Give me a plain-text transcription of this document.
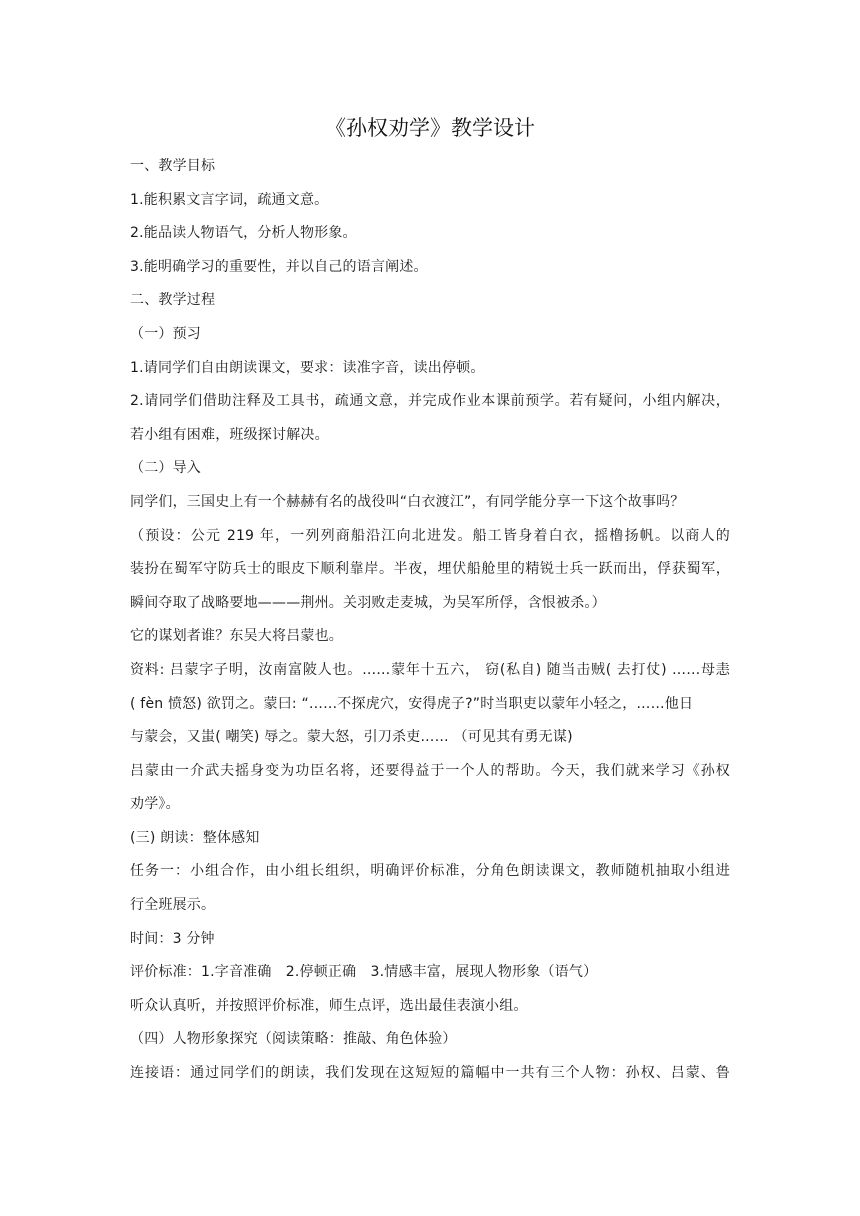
《孙权劝学》教学设计
一、教学目标
1.能积累文言字词，疏通文意。
2.能品读人物语气，分析人物形象。
3.能明确学习的重要性，并以自己的语言阐述。
二、教学过程
（一）预习
1.请同学们自由朗读课文，要求：读准字音，读出停顿。
2.请同学们借助注释及工具书，疏通文意，并完成作业本课前预学。若有疑问，小组内解决，
若小组有困难，班级探讨解决。
（二）导入
同学们，三国史上有一个赫赫有名的战役叫“白衣渡江”，有同学能分享一下这个故事吗？
（预设：公元 219 年，一列列商船沿江向北进发。船工皆身着白衣，摇橹扬帆。以商人的
装扮在蜀军守防兵士的眼皮下顺利靠岸。半夜，埋伏船舱里的精锐士兵一跃而出，俘获蜀军，
瞬间夺取了战略要地———荆州。关羽败走麦城，为吴军所俘，含恨被杀。）
它的谋划者谁？东吴大将吕蒙也。
资料: 吕蒙字子明，汝南富陂人也。……蒙年十五六， 窃(私自) 随当击贼( 去打仗) ……母恚
( fèn 愤怒) 欲罚之。蒙曰: “……不探虎穴，安得虎子?”时当职吏以蒙年小轻之，……他日
与蒙会，又蚩( 嘲笑) 辱之。蒙大怒，引刀杀吏…… （可见其有勇无谋)
吕蒙由一介武夫摇身变为功臣名将，还要得益于一个人的帮助。今天，我们就来学习《孙权
劝学》。
(三) 朗读：整体感知
任务一：小组合作，由小组长组织，明确评价标准，分角色朗读课文，教师随机抽取小组进
行全班展示。
时间：3 分钟
评价标准：1.字音准确　2.停顿正确　3.情感丰富，展现人物形象（语气）
听众认真听，并按照评价标准，师生点评，选出最佳表演小组。
（四）人物形象探究（阅读策略：推敲、角色体验）
连接语：通过同学们的朗读，我们发现在这短短的篇幅中一共有三个人物：孙权、吕蒙、鲁
